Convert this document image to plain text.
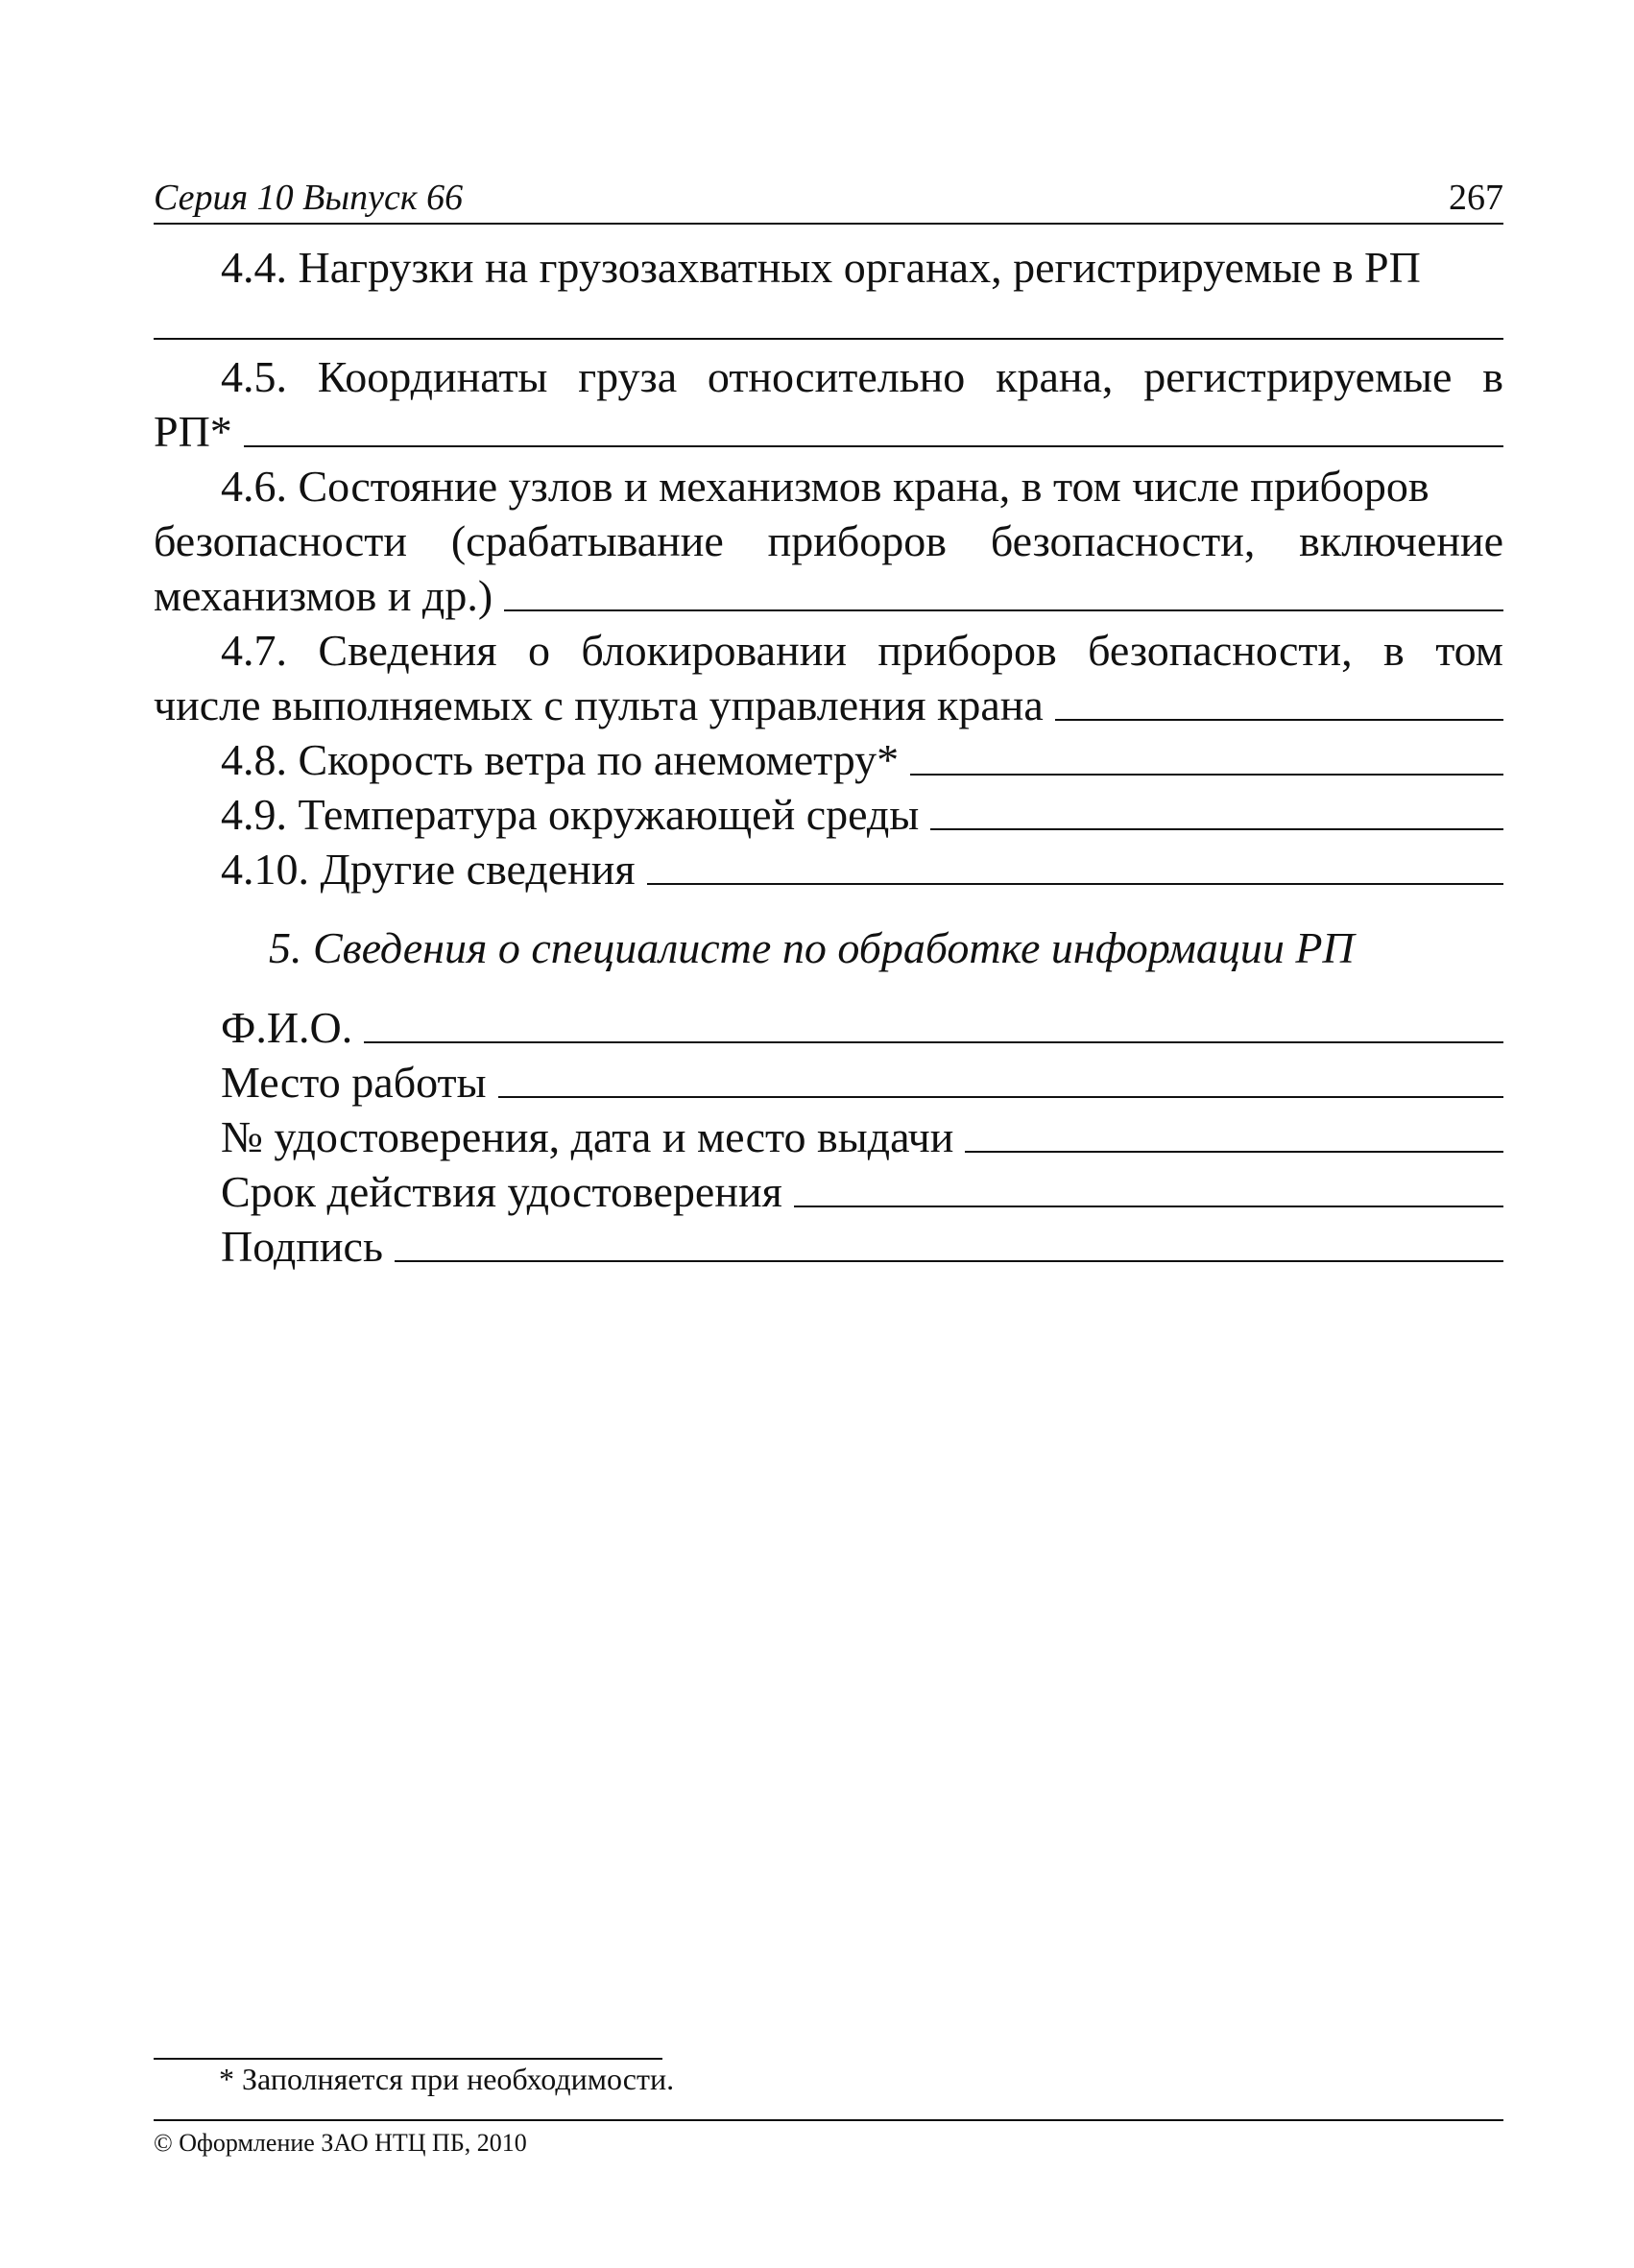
Серия 10 Выпуск 66	267
4.4. Нагрузки на грузозахватных органах, регистрируемые в РП
4.5. Координаты груза относительно крана, регистрируемые в
РП*
4.6. Состояние узлов и механизмов крана, в том числе приборов
безопасности (срабатывание приборов безопасности, включение
механизмов и др.)
4.7. Сведения о блокировании приборов безопасности, в том
числе выполняемых с пульта управления крана
4.8. Скорость ветра по анемометру*
4.9. Температура окружающей среды
4.10. Другие сведения
5. Сведения о специалисте по обработке информации РП
Ф.И.О.
Место работы
№ удостоверения, дата и место выдачи
Срок действия удостоверения
Подпись
* Заполняется при необходимости.
© Оформление ЗАО НТЦ ПБ, 2010
